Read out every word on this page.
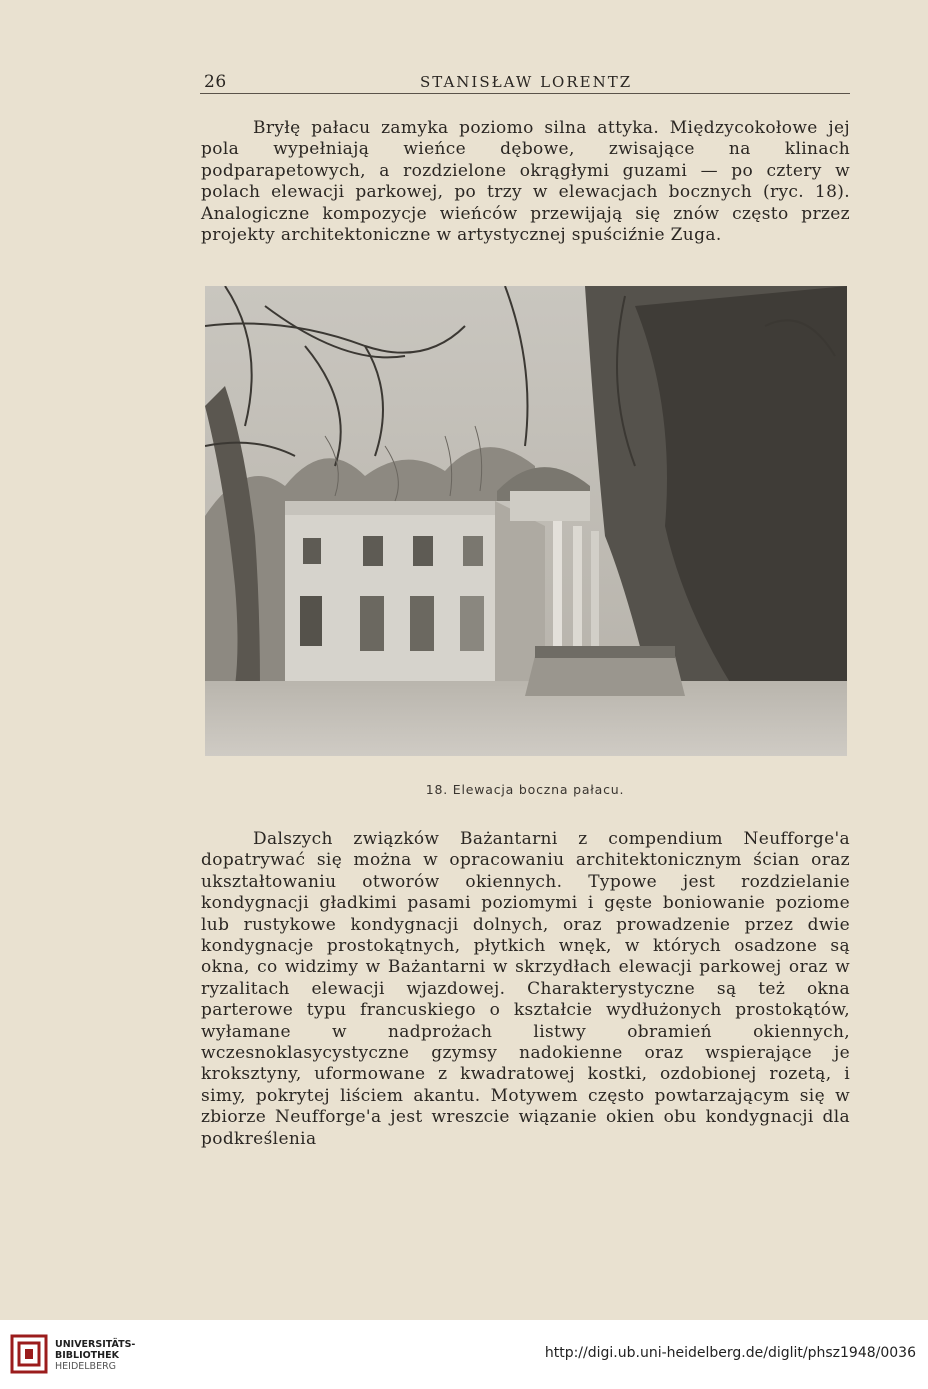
26	STANISŁAW LORENTZ

Bryłę pałacu zamyka poziomo silna attyka. Międzycokołowe jej pola wypełniają wieńce dębowe, zwisające na klinach podparapetowych, a rozdzielone okrągłymi guzami — po cztery w polach elewacji parkowej, po trzy w elewacjach bocznych (ryc. 18). Analogiczne kompozycje wieńców przewijają się znów często przez projekty architektoniczne w artystycznej spuściźnie Zuga.

18. Elewacja boczna pałacu.

Dalszych związków Bażantarni z compendium Neufforge'a dopatrywać się można w opracowaniu architektonicznym ścian oraz ukształtowaniu otworów okiennych. Typowe jest rozdzielanie kondygnacji gładkimi pasami poziomymi i gęste boniowanie poziome lub rustykowe kondygnacji dolnych, oraz prowadzenie przez dwie kondygnacje prostokątnych, płytkich wnęk, w których osadzone są okna, co widzimy w Bażantarni w skrzydłach elewacji parkowej oraz w ryzalitach elewacji wjazdowej. Charakterystyczne są też okna parterowe typu francuskiego o kształcie wydłużonych prostokątów, wyłamane w nadprożach listwy obramień okiennych, wczesnoklasycystyczne gzymsy nadokienne oraz wspierające je kroksztyny, uformowane z kwadratowej kostki, ozdobionej rozetą, i simy, pokrytej liściem akantu. Motywem często powtarzającym się w zbiorze Neufforge'a jest wreszcie wiązanie okien obu kondygnacji dla podkreślenia

UNIVERSITÄTS-
BIBLIOTHEK
HEIDELBERG
http://digi.ub.uni-heidelberg.de/diglit/phsz1948/0036
